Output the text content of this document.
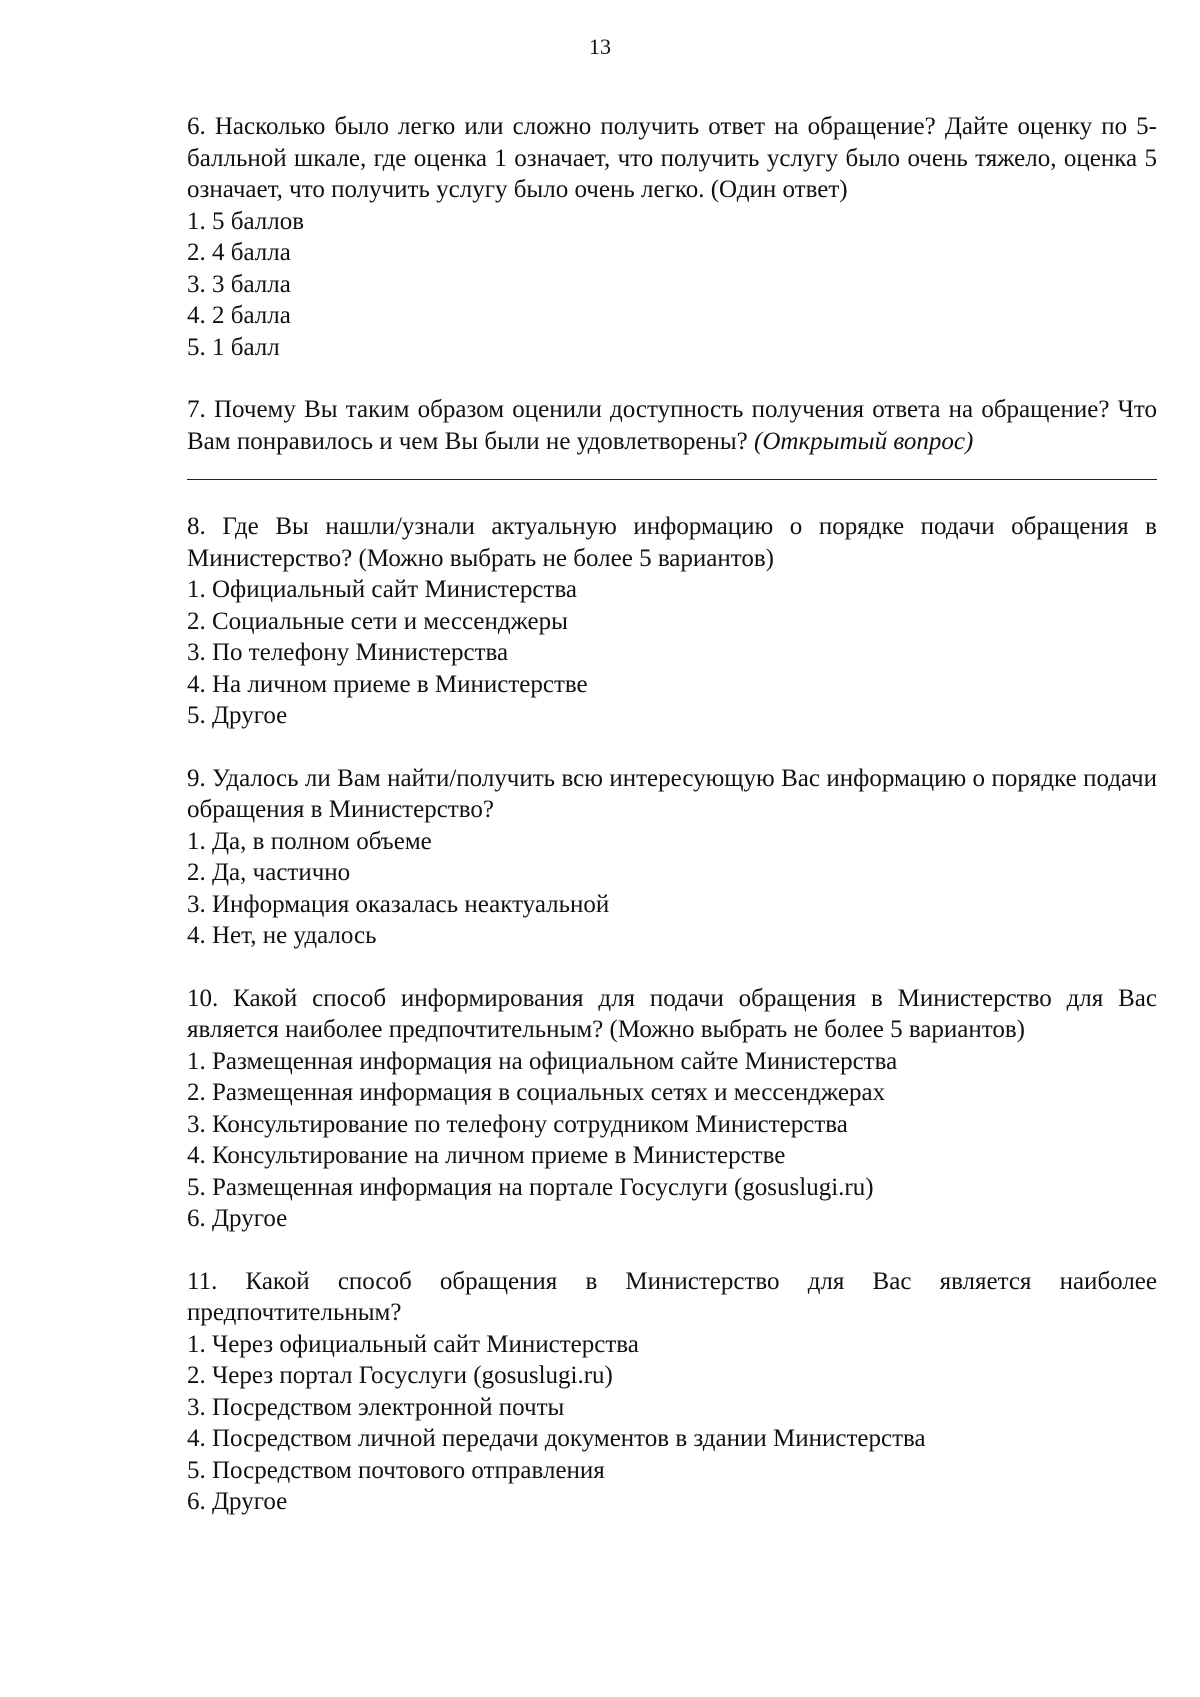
13

6. Насколько было легко или сложно получить ответ на обращение? Дайте оценку по 5-балльной шкале, где оценка 1 означает, что получить услугу было очень тяжело, оценка 5 означает, что получить услугу было очень легко. (Один ответ)

1. 5 баллов
2. 4 балла
3. 3 балла
4. 2 балла
5. 1 балл

7. Почему Вы таким образом оценили доступность получения ответа на обращение? Что Вам понравилось и чем Вы были не удовлетворены? (Открытый вопрос)

8. Где Вы нашли/узнали актуальную информацию о порядке подачи обращения в Министерство? (Можно выбрать не более 5 вариантов)

1. Официальный сайт Министерства
2. Социальные сети и мессенджеры
3. По телефону Министерства
4. На личном приеме в Министерстве
5. Другое

9. Удалось ли Вам найти/получить всю интересующую Вас информацию о порядке подачи обращения в Министерство?

1. Да, в полном объеме
2. Да, частично
3. Информация оказалась неактуальной
4. Нет, не удалось

10. Какой способ информирования для подачи обращения в Министерство для Вас является наиболее предпочтительным? (Можно выбрать не более 5 вариантов)

1. Размещенная информация на официальном сайте Министерства
2. Размещенная информация в социальных сетях и мессенджерах
3. Консультирование по телефону сотрудником Министерства
4. Консультирование на личном приеме в Министерстве
5. Размещенная информация на портале Госуслуги (gosuslugi.ru)
6. Другое

11. Какой способ обращения в Министерство для Вас является наиболее предпочтительным?

1. Через официальный сайт Министерства
2. Через портал Госуслуги (gosuslugi.ru)
3. Посредством электронной почты
4. Посредством личной передачи документов в здании Министерства
5. Посредством почтового отправления
6. Другое
